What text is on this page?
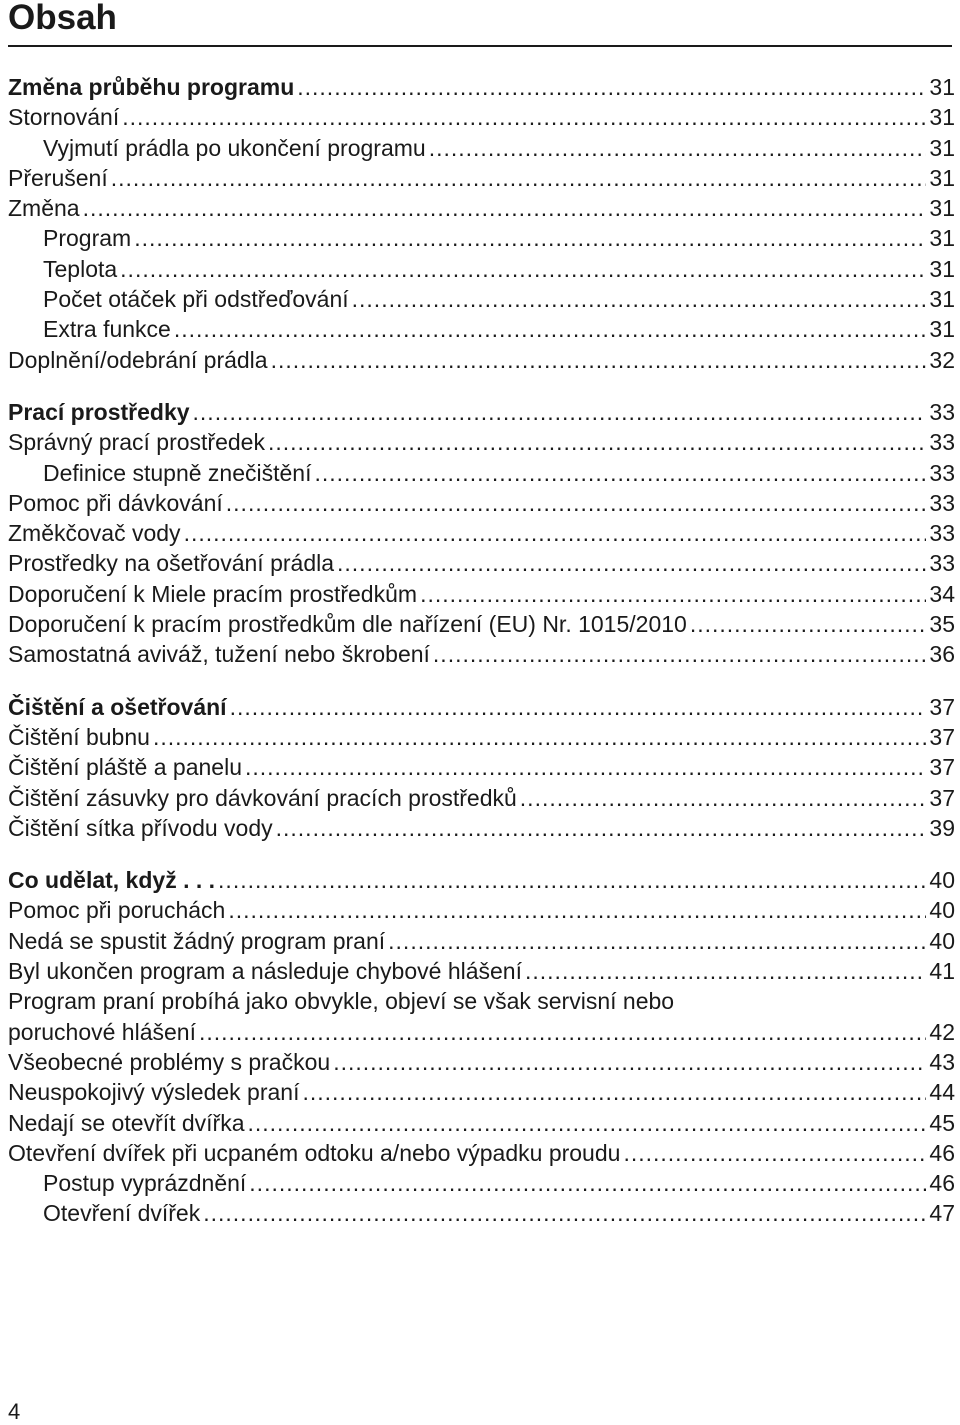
Obsah
Změna průběhu programu .....	31
Stornování .....	31
Vyjmutí prádla po ukončení programu .....	31
Přerušení .....	31
Změna .....	31
Program .....	31
Teplota .....	31
Počet otáček při odstřeďování .....	31
Extra funkce .....	31
Doplnění/odebrání prádla .....	32
Prací prostředky .....	33
Správný prací prostředek .....	33
Definice stupně znečištění .....	33
Pomoc při dávkování .....	33
Změkčovač vody .....	33
Prostředky na ošetřování prádla .....	33
Doporučení k Miele pracím prostředkům .....	34
Doporučení k pracím prostředkům dle nařízení (EU) Nr. 1015/2010 .....	35
Samostatná aviváž, tužení nebo škrobení .....	36
Čištění a ošetřování .....	37
Čištění bubnu .....	37
Čištění pláště a panelu .....	37
Čištění zásuvky pro dávkování pracích prostředků .....	37
Čištění sítka přívodu vody .....	39
Co udělat, když . . . .....	40
Pomoc při poruchách .....	40
Nedá se spustit žádný program praní .....	40
Byl ukončen program a následuje chybové hlášení .....	41
Program praní probíhá jako obvykle, objeví se však servisní nebo
poruchové hlášení .....	42
Všeobecné problémy s pračkou .....	43
Neuspokojivý výsledek praní .....	44
Nedají se otevřít dvířka .....	45
Otevření dvířek při ucpaném odtoku a/nebo výpadku proudu .....	46
Postup vyprázdnění .....	46
Otevření dvířek .....	47
4
